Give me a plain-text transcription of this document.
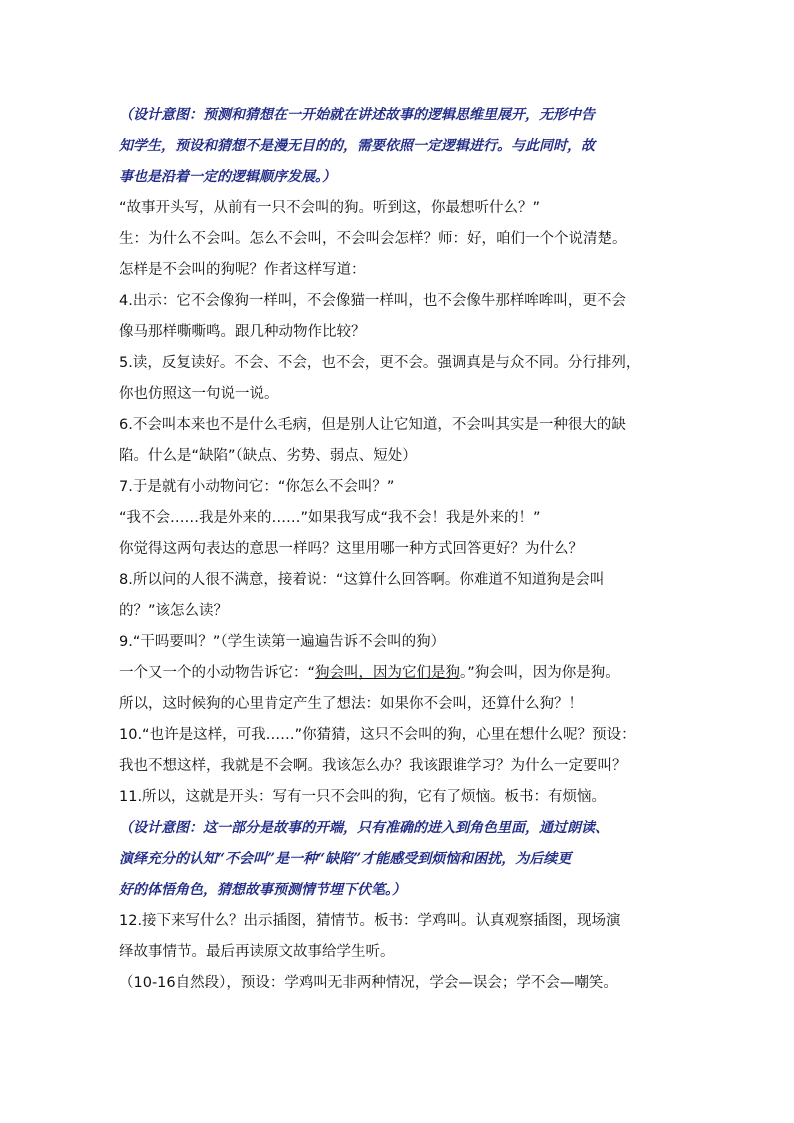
（设计意图：预测和猜想在一开始就在讲述故事的逻辑思维里展开，无形中告
知学生，预设和猜想不是漫无目的的，需要依照一定逻辑进行。与此同时，故
事也是沿着一定的逻辑顺序发展。）
“故事开头写，从前有一只不会叫的狗。听到这，你最想听什么？”
生：为什么不会叫。怎么不会叫，不会叫会怎样？师：好，咱们一个个说清楚。
怎样是不会叫的狗呢？作者这样写道：
4.出示：它不会像狗一样叫，不会像猫一样叫，也不会像牛那样哞哞叫，更不会
像马那样嘶嘶鸣。跟几种动物作比较？
5.读，反复读好。不会、不会，也不会，更不会。强调真是与众不同。分行排列，
你也仿照这一句说一说。
6.不会叫本来也不是什么毛病，但是别人让它知道，不会叫其实是一种很大的缺
陷。什么是“缺陷”（缺点、劣势、弱点、短处）
7.于是就有小动物问它：“你怎么不会叫？”
“我不会……我是外来的……”如果我写成“我不会！我是外来的！”
你觉得这两句表达的意思一样吗？这里用哪一种方式回答更好？为什么？
8.所以问的人很不满意，接着说：“这算什么回答啊。你难道不知道狗是会叫
的？”该怎么读？
9.“干吗要叫？”（学生读第一遍遍告诉不会叫的狗）
一个又一个的小动物告诉它：“狗会叫，因为它们是狗。”狗会叫，因为你是狗。
所以，这时候狗的心里肯定产生了想法：如果你不会叫，还算什么狗？！
10.“也许是这样，可我……”你猜猜，这只不会叫的狗，心里在想什么呢？预设：
我也不想这样，我就是不会啊。我该怎么办？我该跟谁学习？为什么一定要叫？
11.所以，这就是开头：写有一只不会叫的狗，它有了烦恼。板书：有烦恼。
（设计意图：这一部分是故事的开端，只有准确的进入到角色里面，通过朗读、
演绎充分的认知“不会叫”是一种“缺陷”才能感受到烦恼和困扰，为后续更
好的体悟角色，猜想故事预测情节埋下伏笔。）
12.接下来写什么？出示插图，猜情节。板书：学鸡叫。认真观察插图，现场演
绎故事情节。最后再读原文故事给学生听。
（10-16自然段），预设：学鸡叫无非两种情况，学会—误会；学不会—嘲笑。
